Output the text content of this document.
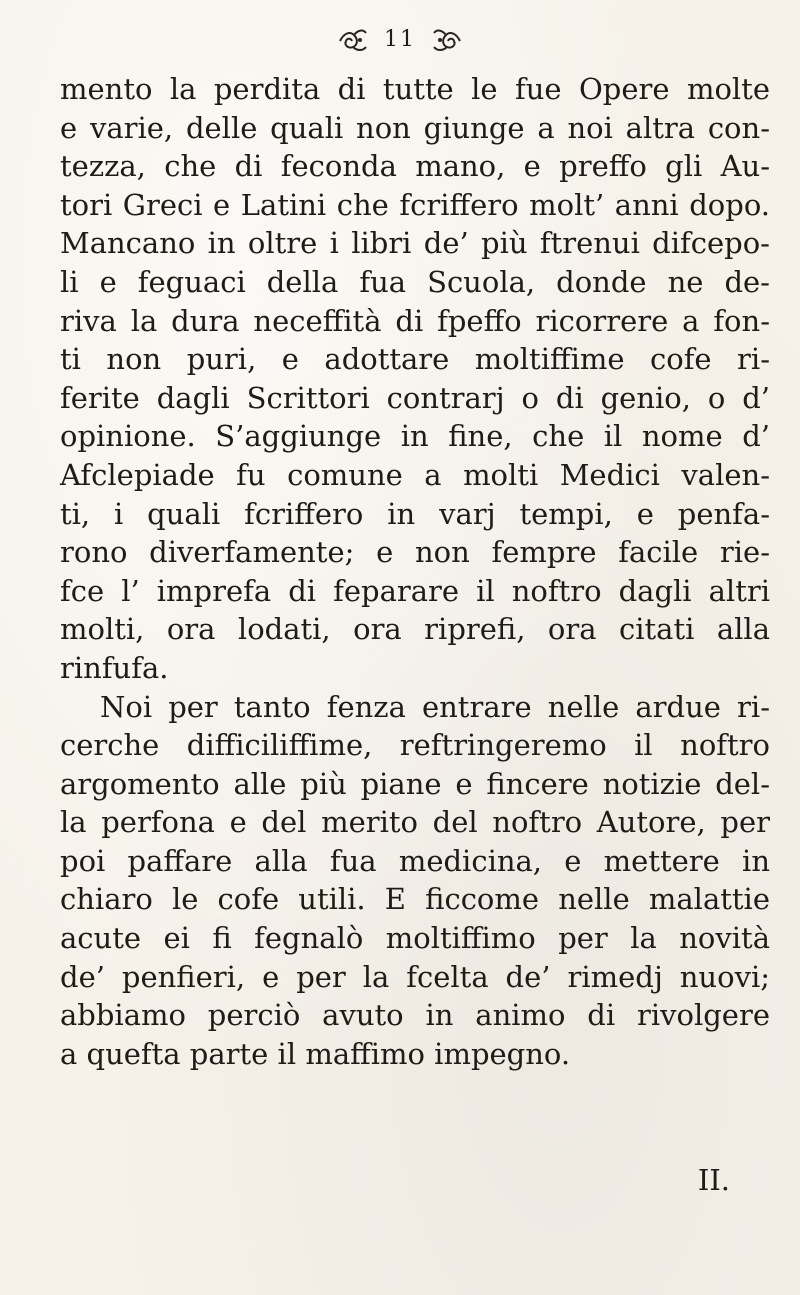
11
mento la perdita di tutte le fue Opere molte
e varie, delle quali non giunge a noi altra con-
tezza, che di feconda mano, e preffo gli Au-
tori Greci e Latini che fcriffero molt’ anni dopo.
Mancano in oltre i libri de’ più ftrenui difcepo-
li e feguaci della fua Scuola, donde ne de-
riva la dura neceffità di fpeffo ricorrere a fon-
ti non puri, e adottare moltiffime cofe ri-
ferite dagli Scrittori contrarj o di genio, o d’
opinione. S’aggiunge in fine, che il nome d’
Afclepiade fu comune a molti Medici valen-
ti, i quali fcriffero in varj tempi, e penfa-
rono diverfamente; e non fempre facile rie-
fce l’ imprefa di feparare il noftro dagli altri
molti, ora lodati, ora riprefi, ora citati alla
rinfufa.
Noi per tanto fenza entrare nelle ardue ri-
cerche difficiliffime, reftringeremo il noftro
argomento alle più piane e fincere notizie del-
la perfona e del merito del noftro Autore, per
poi paffare alla fua medicina, e mettere in
chiaro le cofe utili. E ficcome nelle malattie
acute ei fi fegnalò moltiffimo per la novità
de’ penfieri, e per la fcelta de’ rimedj nuovi;
abbiamo perciò avuto in animo di rivolgere
a quefta parte il maffimo impegno.
II.
